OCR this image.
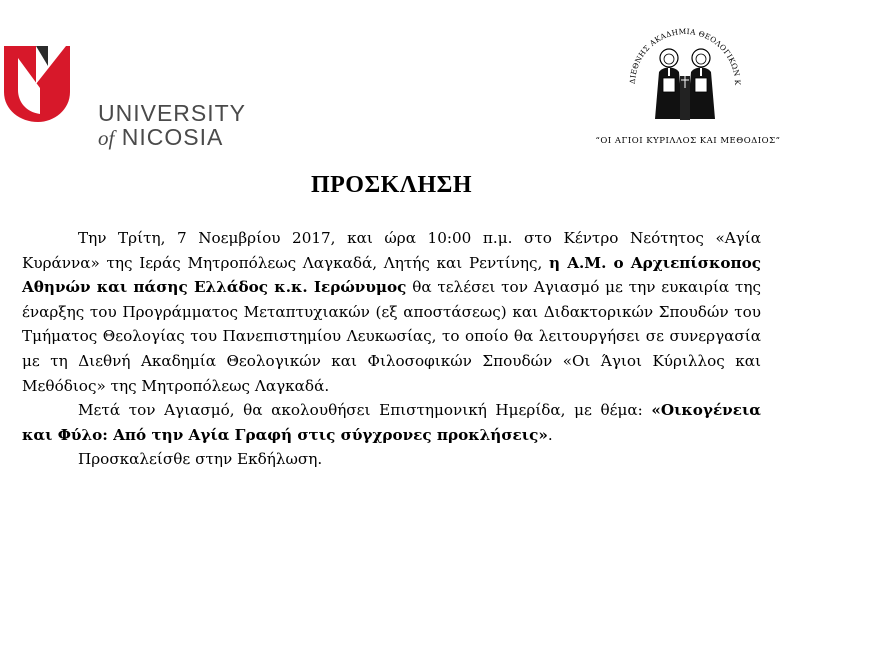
UNIVERSITY
of NICOSIA
ΔΙΕΘΝΗΣ ΑΚΑΔΗΜΙΑ ΘΕΟΛΟΓΙΚΩΝ Κ
“ΟΙ ΑΓΙΟΙ ΚΥΡΙΛΛΟΣ ΚΑΙ ΜΕΘΟΔΙΟΣ”
ΠΡΟΣΚΛΗΣΗ

Την Τρίτη, 7 Νοεμβρίου 2017, και ώρα 10:00 π.μ. στο Κέντρο Νεότητος «Αγία Κυράννα» της Ιεράς Μητροπόλεως Λαγκαδά, Λητής και Ρεντίνης, η Α.Μ. ο Αρχιεπίσκοπος Αθηνών και πάσης Ελλάδος κ.κ. Ιερώνυμος θα τελέσει τον Αγιασμό με την ευκαιρία της έναρξης του Προγράμματος Μεταπτυχιακών (εξ αποστάσεως) και Διδακτορικών Σπουδών του Τμήματος Θεολογίας του Πανεπιστημίου Λευκωσίας, το οποίο θα λειτουργήσει σε συνεργασία με τη Διεθνή Ακαδημία Θεολογικών και Φιλοσοφικών Σπουδών «Οι Άγιοι Κύριλλος και Μεθόδιος» της Μητροπόλεως Λαγκαδά.

Μετά τον Αγιασμό, θα ακολουθήσει Επιστημονική Ημερίδα, με θέμα: «Οικογένεια και Φύλο: Από την Αγία Γραφή στις σύγχρονες προκλήσεις».

Προσκαλείσθε στην Εκδήλωση.
